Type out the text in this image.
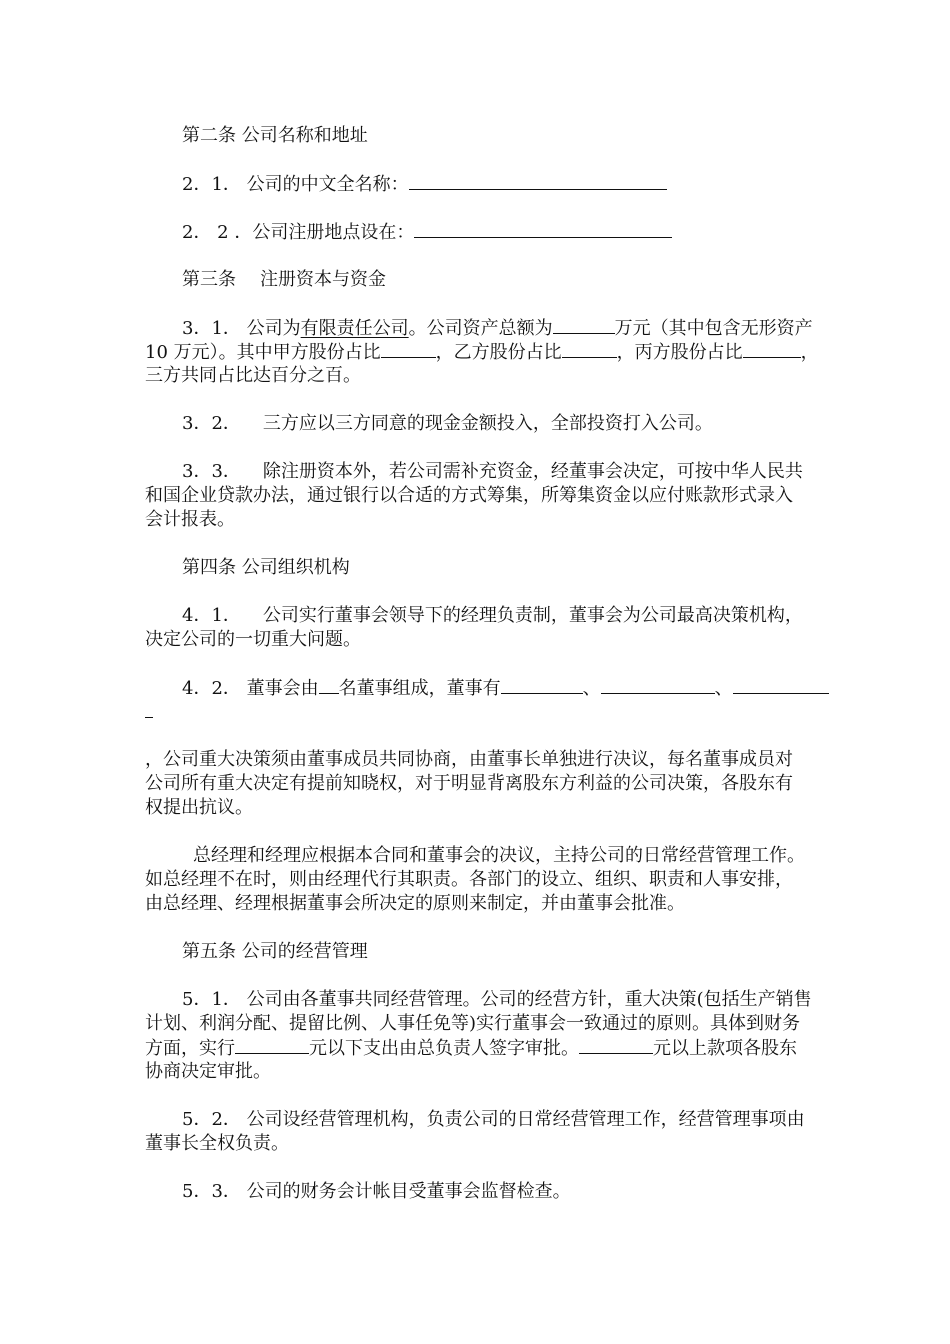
第二条 公司名称和地址

2．1． 公司的中文全名称：

2． 2 ．公司注册地点设在：

第三条 注册资本与资金

3．1． 公司为有限责任公司。公司资产总额为	万元（其中包含无形资产
10 万元）。其中甲方股份占比	，乙方股份占比	，丙方股份占比	，
三方共同占比达百分之百。

3．2． 三方应以三方同意的现金金额投入，全部投资打入公司。

3．3． 除注册资本外，若公司需补充资金，经董事会决定，可按中华人民共
和国企业贷款办法，通过银行以合适的方式筹集，所筹集资金以应付账款形式录入
会计报表。

第四条 公司组织机构

4．1． 公司实行董事会领导下的经理负责制，董事会为公司最高决策机构，
决定公司的一切重大问题。

4．2． 董事会由 名董事组成，董事有	、	、

，公司重大决策须由董事成员共同协商，由董事长单独进行决议，每名董事成员对
公司所有重大决定有提前知晓权，对于明显背离股东方利益的公司决策，各股东有
权提出抗议。

总经理和经理应根据本合同和董事会的决议，主持公司的日常经营管理工作。
如总经理不在时，则由经理代行其职责。各部门的设立、组织、职责和人事安排，
由总经理、经理根据董事会所决定的原则来制定，并由董事会批准。

第五条 公司的经营管理

5．1． 公司由各董事共同经营管理。公司的经营方针，重大决策(包括生产销售
计划、利润分配、提留比例、人事任免等)实行董事会一致通过的原则。具体到财务
方面，实行	元以下支出由总负责人签字审批。	元以上款项各股东
协商决定审批。

5．2． 公司设经营管理机构，负责公司的日常经营管理工作，经营管理事项由
董事长全权负责。

5．3． 公司的财务会计帐目受董事会监督检查。
